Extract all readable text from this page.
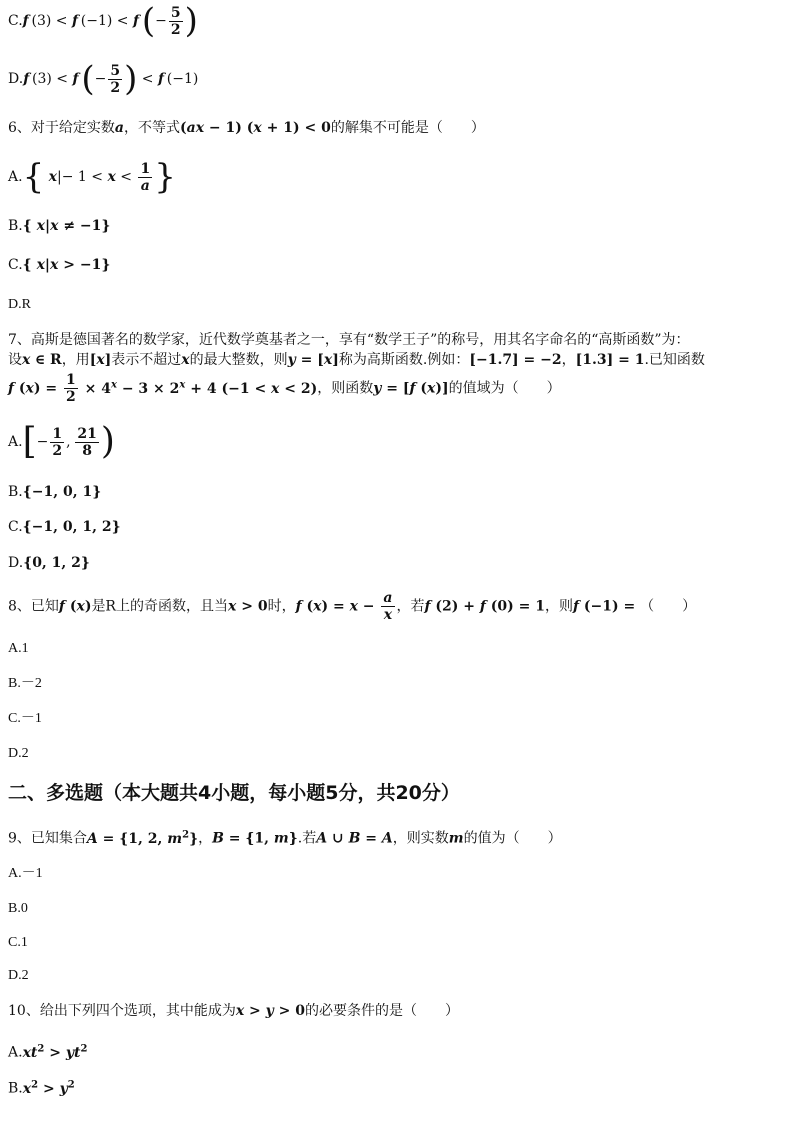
C.f (3) < f (−1) < f (− $\frac{5}{2}$ )
D.f (3) < f (− $\frac{5}{2}$ ) < f (−1)
6、对于给定实数a，不等式(ax − 1) (x + 1) < 0的解集不可能是（　　）
A.{ $x|- 1 < x < \frac{1}{a}$ }
B.{ x|x ≠ −1}
C.{ x|x > −1}
D.R
7、高斯是德国著名的数学家，近代数学奠基者之一，享有“数学王子”的称号，用其名字命名的“高斯函数”为：
设x ∈ R，用[x]表示不超过x的最大整数，则y = [x]称为高斯函数.例如：[−1.7] = −2，[1.3] = 1.已知函数
f $(x) = \frac{1}{2} \times 4^x - 3 \times 2^x + 4$ (−1 < x < 2)，则函数y = [f (x)]的值域为（　　）
$A.[- \frac{1}{2}$ ,  $\frac{21}{8}$ )
B.{−1, 0, 1}
C.{−1, 0, 1, 2}
D.{0, 1, 2}
8、已知f (x)是R上的奇函数，且当x > 0时，f $(x) = x - \frac{a}{x}$ ，若f (2) + f (0) = 1，则f (−1) = （　　）
A.1
B.－2
C.－1
D.2
二、多选题（本大题共4小题，每小题5分，共20分）
9、已知集合A = {1, 2, $m^2$}，B = {1, m}.若A ∪ B = A，则实数m的值为（　　）
A.－1
B.0
C.1
D.2
10、给出下列四个选项，其中能成为x > y > 0的必要条件的是（　　）
$A.xt^2 > yt^2$
$B.x^2 > y^2$
